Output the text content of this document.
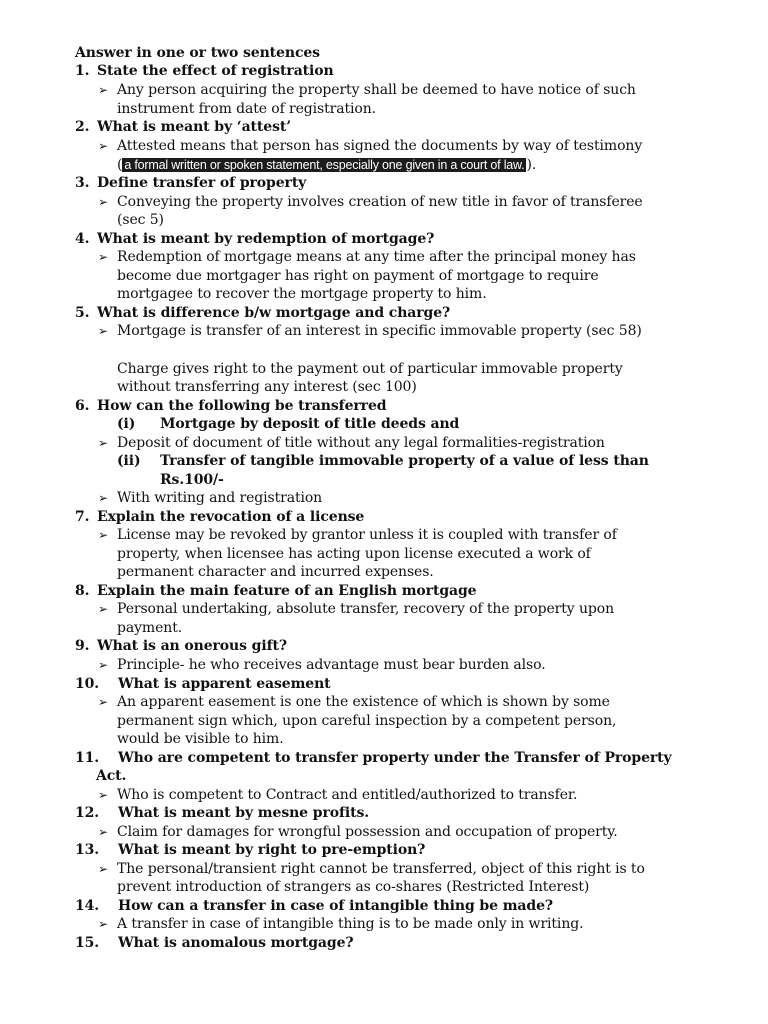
Answer in one or two sentences
1. State the effect of registration
➢ Any person acquiring the property shall be deemed to have notice of such
instrument from date of registration.
2. What is meant by ‘attest’
➢ Attested means that person has signed the documents by way of testimony
( a formal written or spoken statement, especially one given in a court of law. ).
3. Define transfer of property
➢ Conveying the property involves creation of new title in favor of transferee
(sec 5)
4. What is meant by redemption of mortgage?
➢ Redemption of mortgage means at any time after the principal money has
become due mortgager has right on payment of mortgage to require
mortgagee to recover the mortgage property to him.
5. What is difference b/w mortgage and charge?
➢ Mortgage is transfer of an interest in specific immovable property (sec 58)
Charge gives right to the payment out of particular immovable property
without transferring any interest (sec 100)
6. How can the following be transferred
(i) Mortgage by deposit of title deeds and
➢ Deposit of document of title without any legal formalities-registration
(ii) Transfer of tangible immovable property of a value of less than
Rs.100/-
➢ With writing and registration
7. Explain the revocation of a license
➢ License may be revoked by grantor unless it is coupled with transfer of
property, when licensee has acting upon license executed a work of
permanent character and incurred expenses.
8. Explain the main feature of an English mortgage
➢ Personal undertaking, absolute transfer, recovery of the property upon
payment.
9. What is an onerous gift?
➢ Principle- he who receives advantage must bear burden also.
10. What is apparent easement
➢ An apparent easement is one the existence of which is shown by some
permanent sign which, upon careful inspection by a competent person,
would be visible to him.
11. Who are competent to transfer property under the Transfer of Property
Act.
➢ Who is competent to Contract and entitled/authorized to transfer.
12. What is meant by mesne profits.
➢ Claim for damages for wrongful possession and occupation of property.
13. What is meant by right to pre-emption?
➢ The personal/transient right cannot be transferred, object of this right is to
prevent introduction of strangers as co-shares (Restricted Interest)
14. How can a transfer in case of intangible thing be made?
➢ A transfer in case of intangible thing is to be made only in writing.
15. What is anomalous mortgage?
